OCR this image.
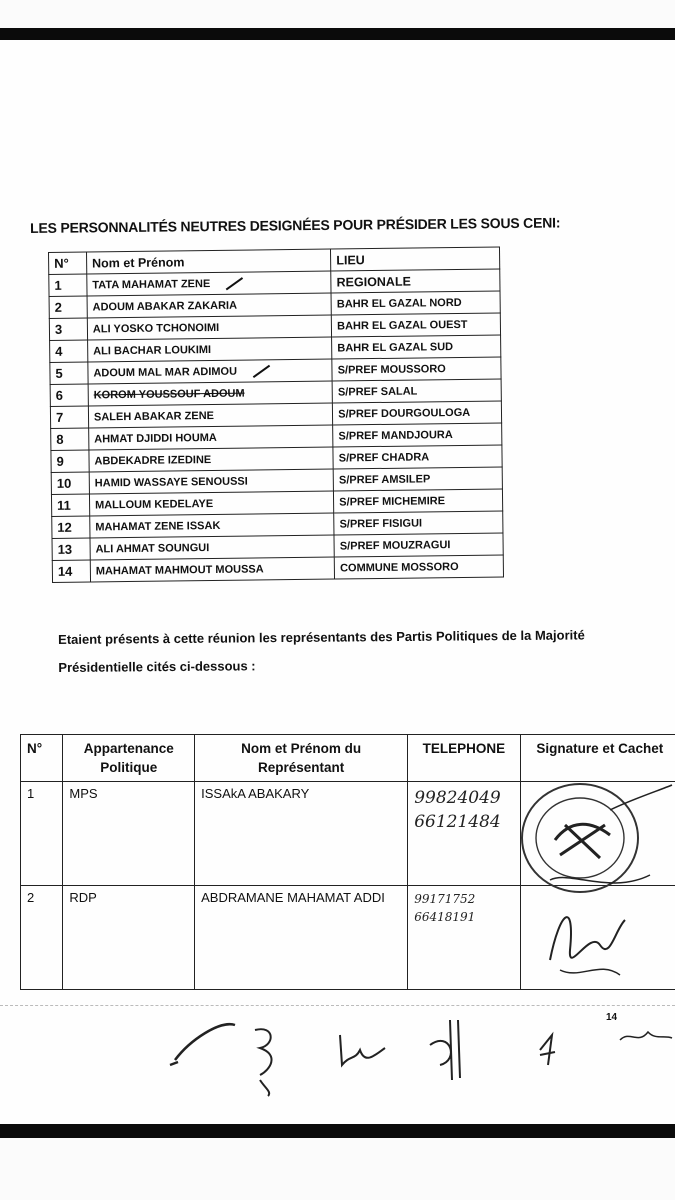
LES PERSONNALITÉS NEUTRES DESIGNÉES POUR PRÉSIDER LES SOUS CENI:
N°	Nom et Prénom	LIEU
1	TATA MAHAMAT ZENE	REGIONALE
2	ADOUM ABAKAR ZAKARIA	BAHR EL GAZAL NORD
3	ALI YOSKO TCHONOIMI	BAHR EL GAZAL OUEST
4	ALI BACHAR LOUKIMI	BAHR EL GAZAL SUD
5	ADOUM MAL MAR ADIMOU	S/PREF MOUSSORO
6	KOROM YOUSSOUF ADOUM	S/PREF SALAL
7	SALEH ABAKAR ZENE	S/PREF DOURGOULOGA
8	AHMAT DJIDDI HOUMA	S/PREF MANDJOURA
9	ABDEKADRE IZEDINE	S/PREF CHADRA
10	HAMID WASSAYE SENOUSSI	S/PREF AMSILEP
11	MALLOUM KEDELAYE	S/PREF MICHEMIRE
12	MAHAMAT ZENE ISSAK	S/PREF FISIGUI
13	ALI AHMAT SOUNGUI	S/PREF MOUZRAGUI
14	MAHAMAT MAHMOUT MOUSSA	COMMUNE MOSSORO
Etaient présents à cette réunion les représentants des Partis Politiques de la Majorité Présidentielle cités ci-dessous :
N°	Appartenance Politique	Nom et Prénom du Représentant	TELEPHONE	Signature et Cachet
1	MPS	ISSAkA ABAKARY	99824049
66121484	

2	RDP	ABDRAMANE MAHAMAT ADDI	99171752
66418191	

14
